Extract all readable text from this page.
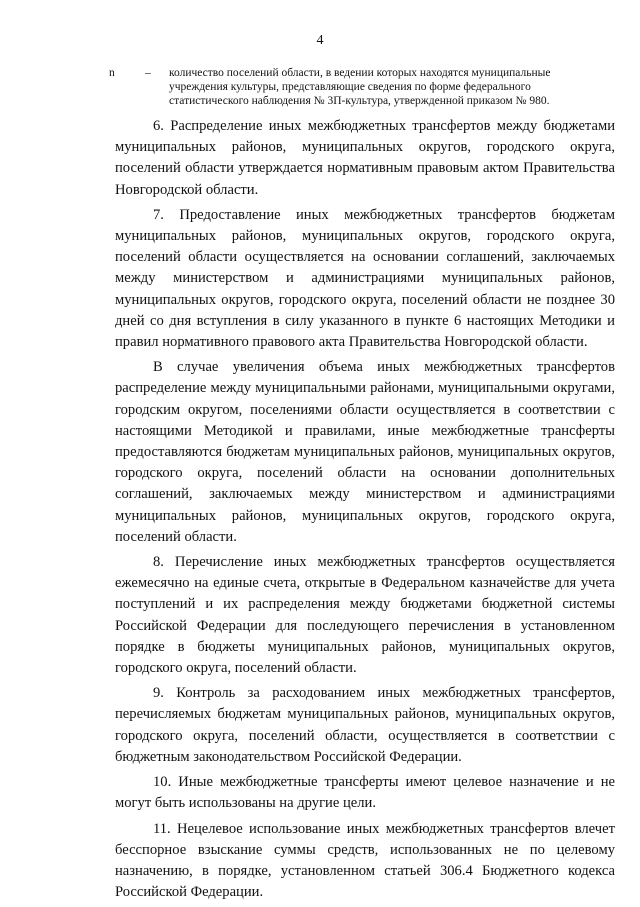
4
n	– количество поселений области, в ведении которых находятся муниципальные учреждения культуры, представляющие сведения по форме федерального статистического наблюдения № 3П-культура, утвержденной приказом № 980.

6. Распределение иных межбюджетных трансфертов между бюджетами муниципальных районов, муниципальных округов, городского округа, поселений области утверждается нормативным правовым актом Правительства Новгородской области.

7. Предоставление иных межбюджетных трансфертов бюджетам муниципальных районов, муниципальных округов, городского округа, поселений области осуществляется на основании соглашений, заключаемых между министерством и администрациями муниципальных районов, муниципальных округов, городского округа, поселений области не позднее 30 дней со дня вступления в силу указанного в пункте 6 настоящих Методики и правил нормативного правового акта Правительства Новгородской области.

В случае увеличения объема иных межбюджетных трансфертов распределение между муниципальными районами, муниципальными округами, городским округом, поселениями области осуществляется в соответствии с настоящими Методикой и правилами, иные межбюджетные трансферты предоставляются бюджетам муниципальных районов, муниципальных округов, городского округа, поселений области на основании дополнительных соглашений, заключаемых между министерством и администрациями муниципальных районов, муниципальных округов, городского округа, поселений области.

8. Перечисление иных межбюджетных трансфертов осуществляется ежемесячно на единые счета, открытые в Федеральном казначействе для учета поступлений и их распределения между бюджетами бюджетной системы Российской Федерации для последующего перечисления в установленном порядке в бюджеты муниципальных районов, муниципальных округов, городского округа, поселений области.

9. Контроль за расходованием иных межбюджетных трансфертов, перечисляемых бюджетам муниципальных районов, муниципальных округов, городского округа, поселений области, осуществляется в соответствии с бюджетным законодательством Российской Федерации.

10. Иные межбюджетные трансферты имеют целевое назначение и не могут быть использованы на другие цели.

11. Нецелевое использование иных межбюджетных трансфертов влечет бесспорное взыскание суммы средств, использованных не по целевому назначению, в порядке, установленном статьей 306.4 Бюджетного кодекса Российской Федерации.
